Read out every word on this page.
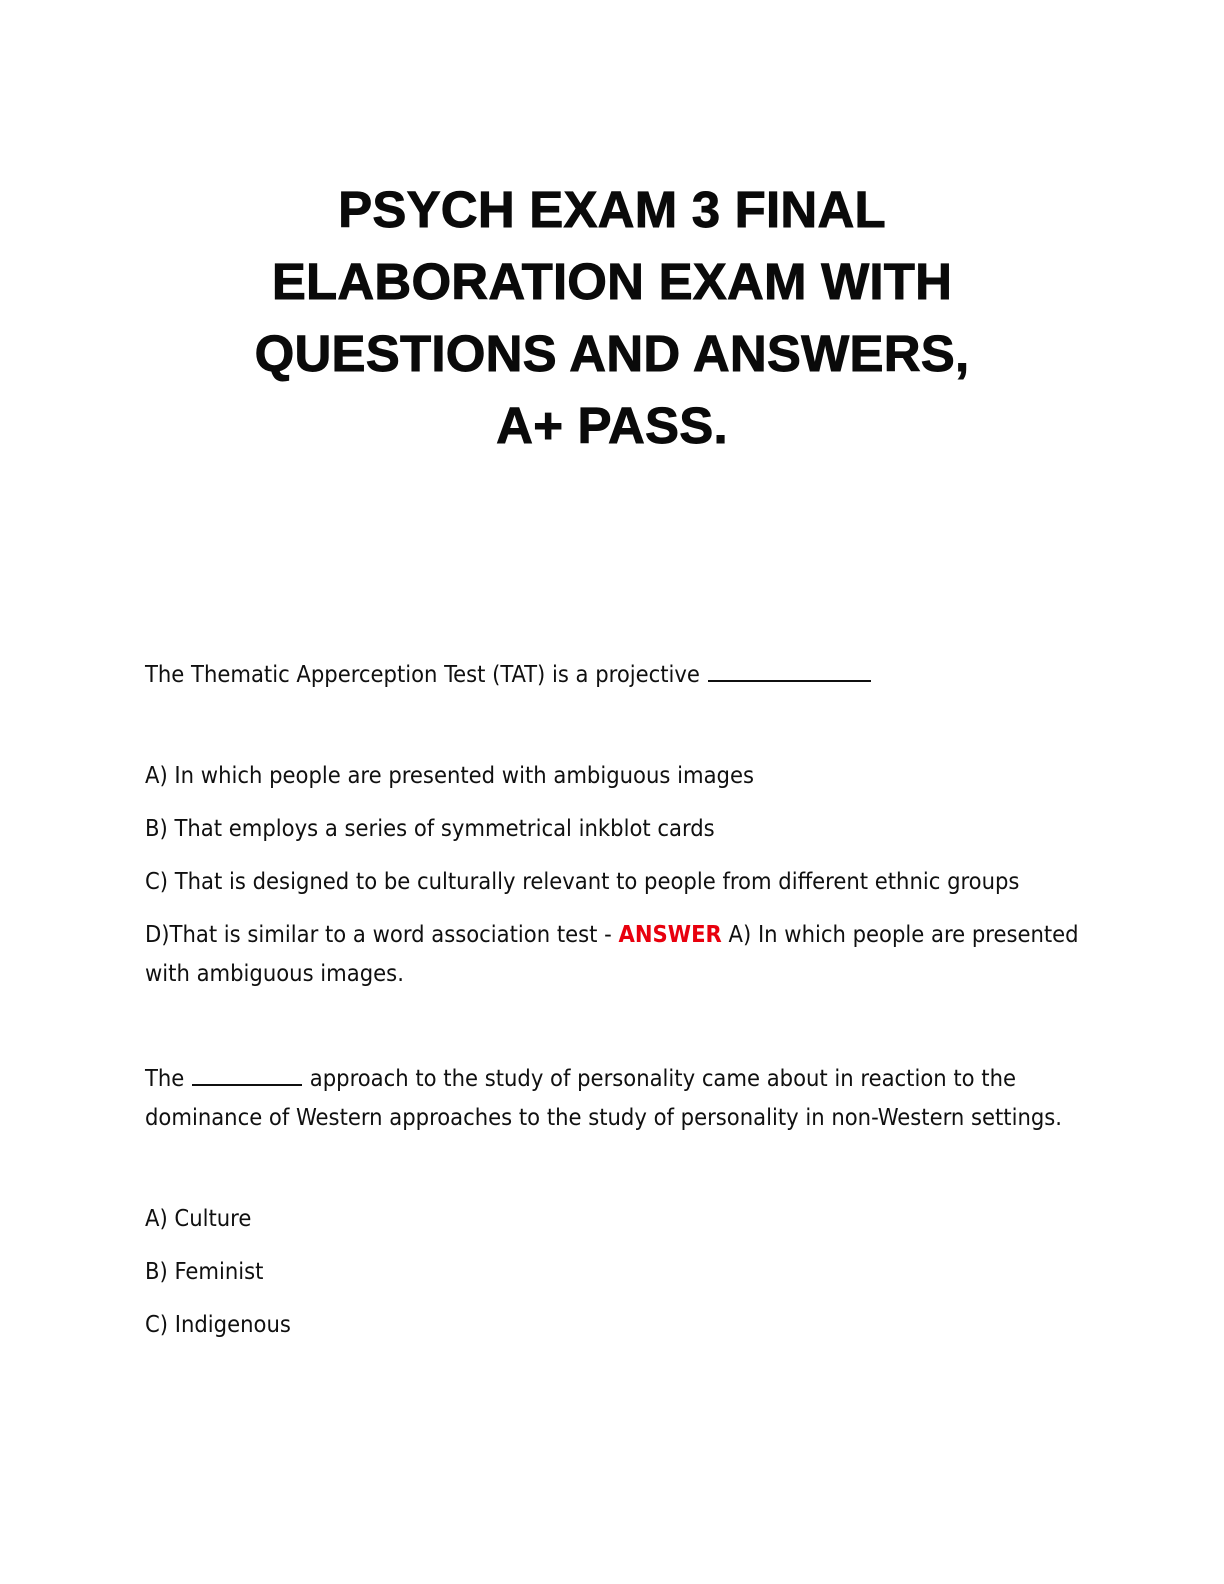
PSYCH EXAM 3 FINAL
ELABORATION EXAM WITH
QUESTIONS AND ANSWERS,
A+ PASS.

The Thematic Apperception Test (TAT) is a projective

A) In which people are presented with ambiguous images
B) That employs a series of symmetrical inkblot cards
C) That is designed to be culturally relevant to people from different ethnic groups
D)That is similar to a word association test - ANSWER A) In which people are presented with ambiguous images.

The	approach to the study of personality came about in reaction to the dominance of Western approaches to the study of personality in non-Western settings.

A) Culture
B) Feminist
C) Indigenous
